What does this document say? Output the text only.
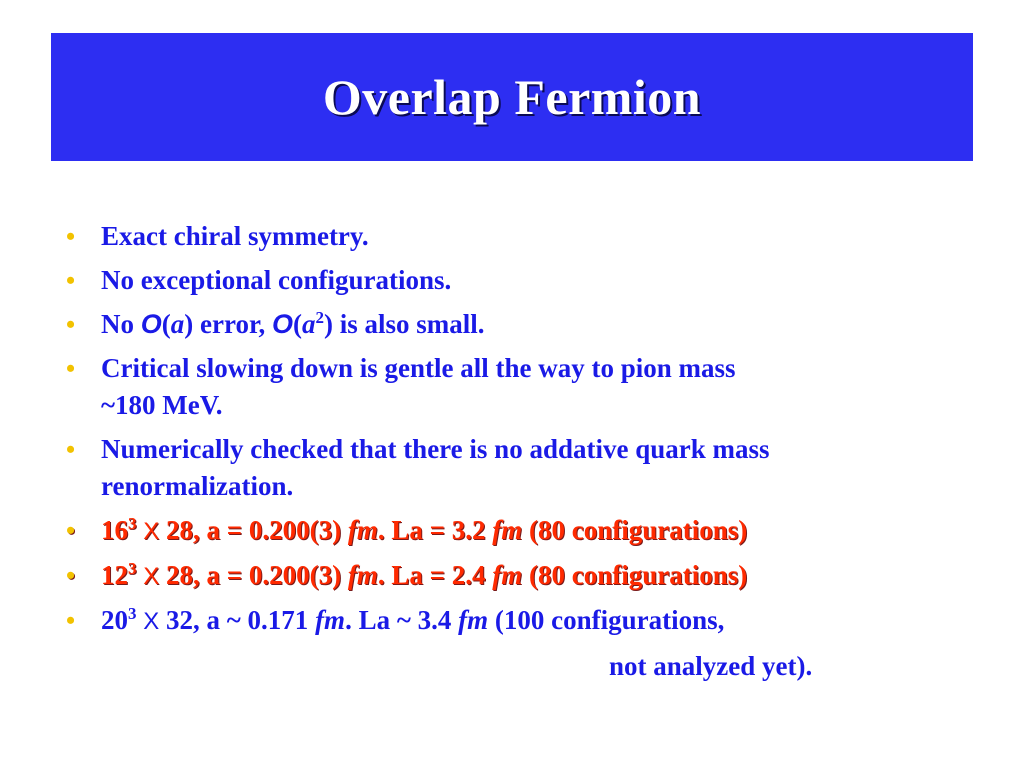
Overlap Fermion
• Exact chiral symmetry.
• No exceptional configurations.
• No O(a) error, $O(a^2)$ is also small.
• Critical slowing down is gentle all the way to pion mass
~180 MeV.
• Numerically checked that there is no addative quark mass
renormalization.
• $16^3$ X 28, a = 0.200(3) fm. La = 3.2 fm (80 configurations)
• $12^3$ X 28, a = 0.200(3) fm. La = 2.4 fm (80 configurations)
• $20^3$ X 32, a ~ 0.171 fm. La ~ 3.4 fm (100 configurations,
not analyzed yet).
